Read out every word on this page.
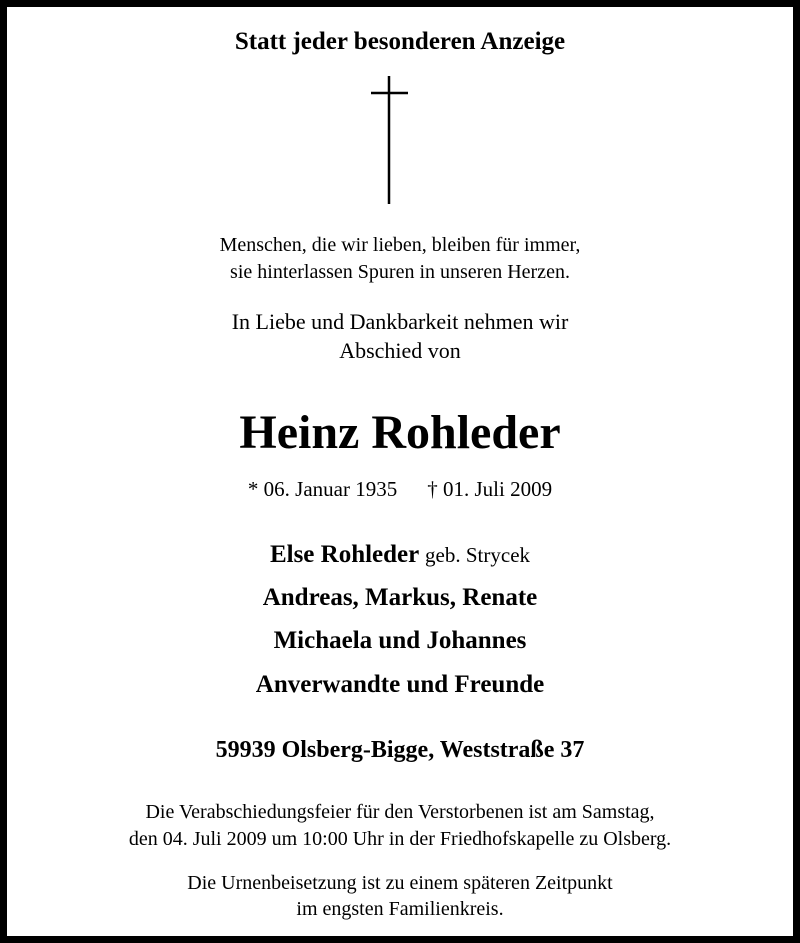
Statt jeder besonderen Anzeige
Menschen, die wir lieben, bleiben für immer,
sie hinterlassen Spuren in unseren Herzen.
In Liebe und Dankbarkeit nehmen wir
Abschied von
Heinz Rohleder
* 06. Januar 1935 † 01. Juli 2009
Else Rohleder geb. Strycek
Andreas, Markus, Renate
Michaela und Johannes
Anverwandte und Freunde
59939 Olsberg-Bigge, Weststraße 37
Die Verabschiedungsfeier für den Verstorbenen ist am Samstag,
den 04. Juli 2009 um 10:00 Uhr in der Friedhofskapelle zu Olsberg.
Die Urnenbeisetzung ist zu einem späteren Zeitpunkt
im engsten Familienkreis.
